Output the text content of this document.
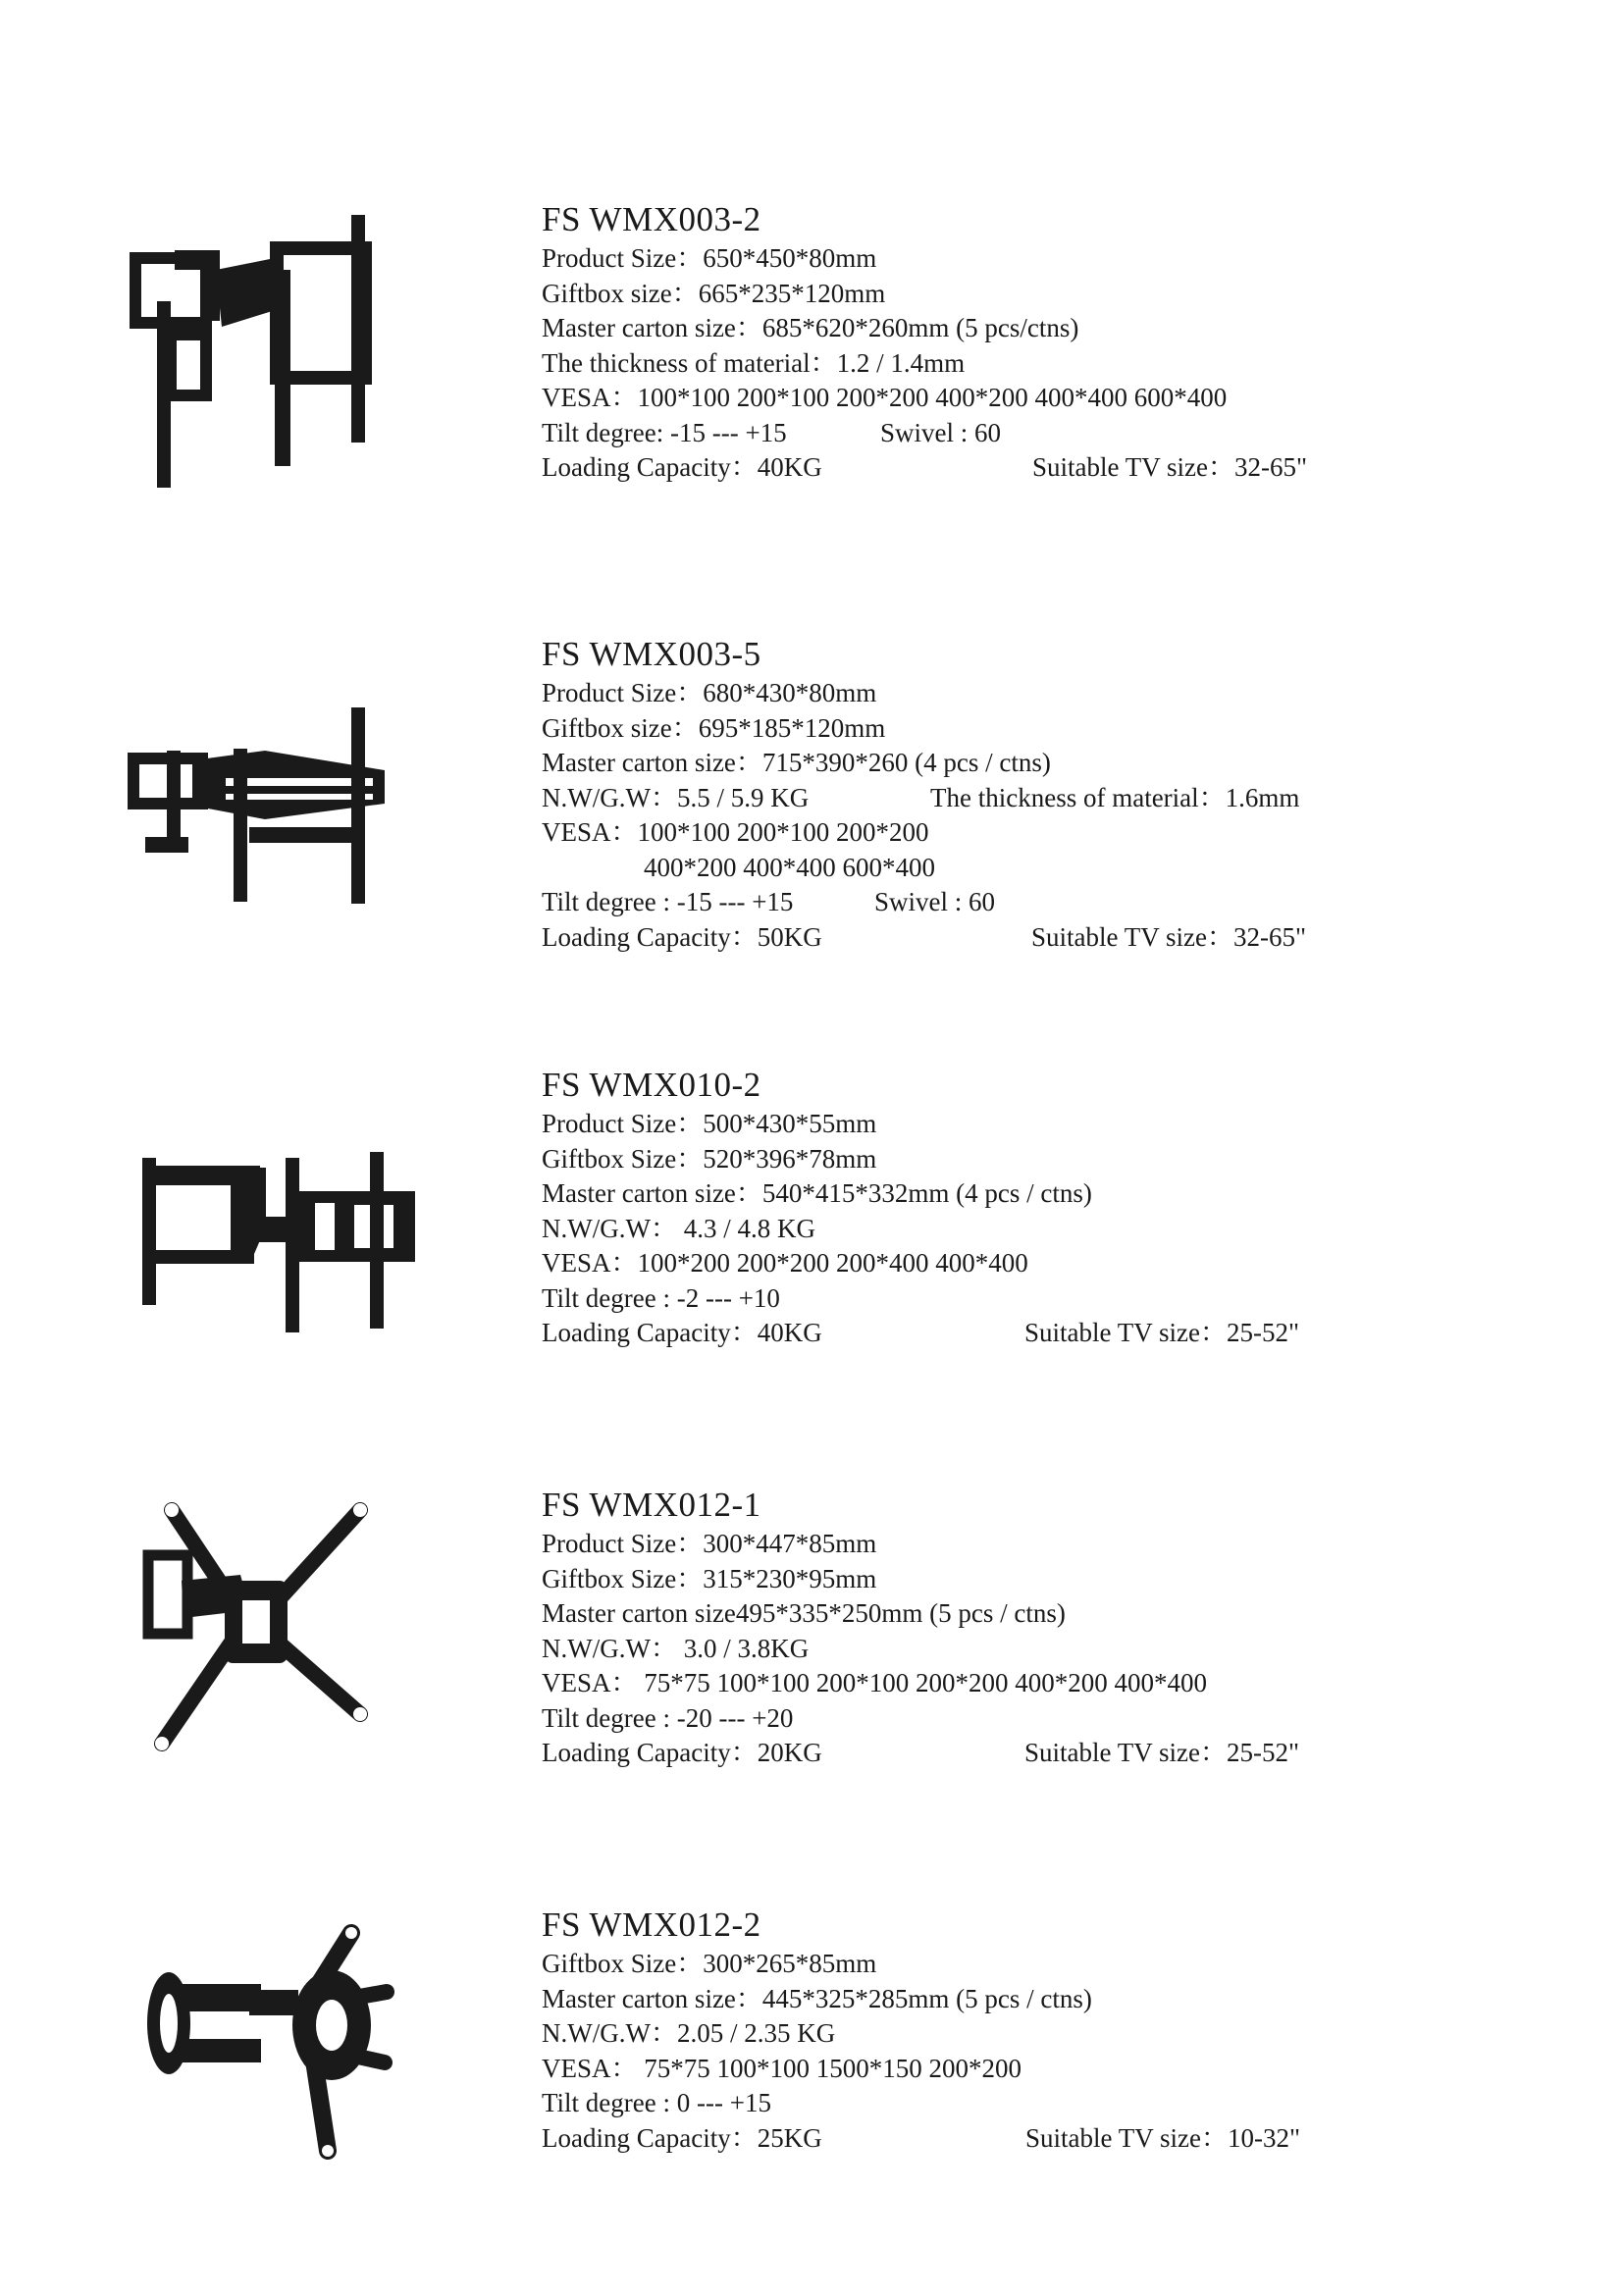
FS WMX003-2
Product Size：650*450*80mm
Giftbox size：665*235*120mm
Master carton size：685*620*260mm (5 pcs/ctns)
The thickness of material：1.2 / 1.4mm
VESA：100*100 200*100 200*200 400*200 400*400 600*400
Tilt degree: -15 --- +15	Swivel : 60
Loading Capacity：40KG	Suitable TV size：32-65"
FS WMX003-5
Product Size：680*430*80mm
Giftbox size：695*185*120mm
Master carton size：715*390*260 (4 pcs / ctns)
N.W/G.W：5.5 / 5.9 KG	The thickness of material：1.6mm
VESA：100*100 200*100 200*200
400*200 400*400 600*400
Tilt degree : -15 --- +15	Swivel : 60
Loading Capacity：50KG	Suitable TV size：32-65"
FS WMX010-2
Product Size：500*430*55mm
Giftbox Size：520*396*78mm
Master carton size：540*415*332mm (4 pcs / ctns)
N.W/G.W： 4.3 / 4.8 KG
VESA：100*200 200*200 200*400 400*400
Tilt degree : -2 --- +10
Loading Capacity：40KG	Suitable TV size：25-52"
FS WMX012-1
Product Size：300*447*85mm
Giftbox Size：315*230*95mm
Master carton size495*335*250mm (5 pcs / ctns)
N.W/G.W： 3.0 / 3.8KG
VESA： 75*75 100*100 200*100 200*200 400*200 400*400
Tilt degree : -20 --- +20
Loading Capacity：20KG	Suitable TV size：25-52"
FS WMX012-2
Giftbox Size：300*265*85mm
Master carton size：445*325*285mm (5 pcs / ctns)
N.W/G.W：2.05 / 2.35 KG
VESA： 75*75 100*100 1500*150 200*200
Tilt degree : 0 --- +15
Loading Capacity：25KG	Suitable TV size：10-32"
